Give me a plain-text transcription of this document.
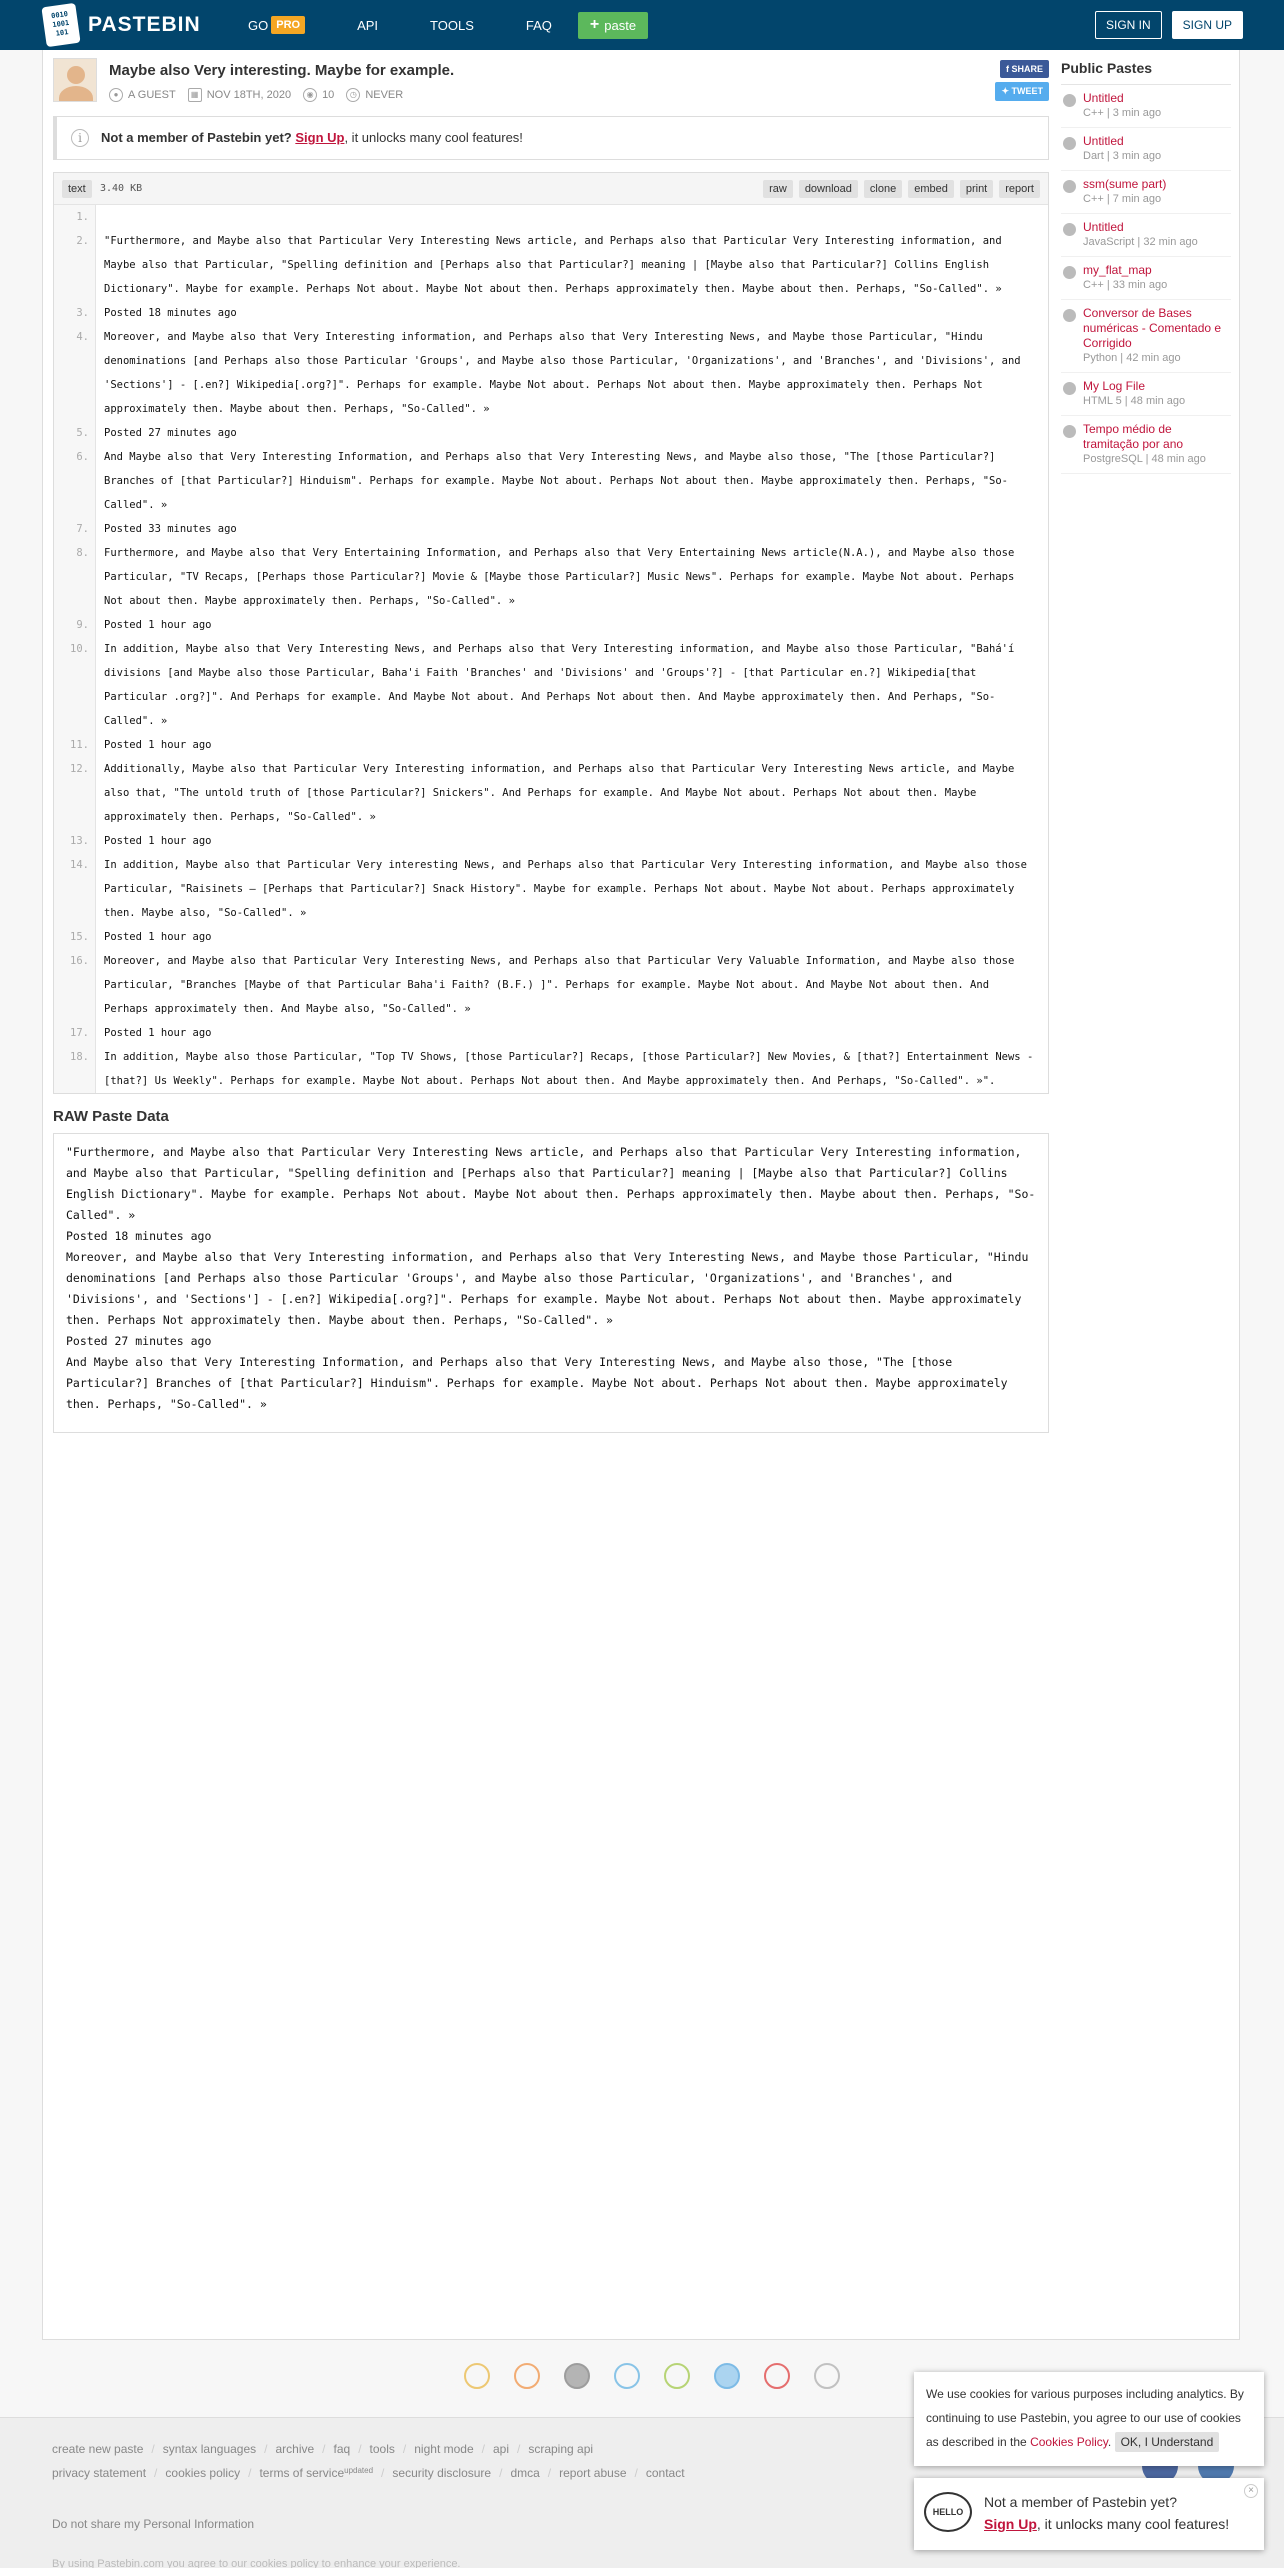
0010
1001
101 PASTEBIN	GO PRO	API	TOOLS	FAQ + paste	SIGN IN	SIGN UP
Maybe also Very interesting. Maybe for example.
● A GUEST	▦ NOV 18TH, 2020	◉ 10	◷ NEVER
f SHARE
✦ TWEET
i	Not a member of Pastebin yet? Sign Up, it unlocks many cool features!
text	3.40 KB	raw	download	clone	embed	print	report
1.
2.	"Furthermore, and Maybe also that Particular Very Interesting News article, and Perhaps also that Particular Very Interesting information, and Maybe also that Particular, "Spelling definition and [Perhaps also that Particular?] meaning | [Maybe also that Particular?] Collins English Dictionary". Maybe for example. Perhaps Not about. Maybe Not about then. Perhaps approximately then. Maybe about then. Perhaps, "So-Called". »
3.	Posted 18 minutes ago
4.	Moreover, and Maybe also that Very Interesting information, and Perhaps also that Very Interesting News, and Maybe those Particular, "Hindu denominations [and Perhaps also those Particular 'Groups', and Maybe also those Particular, 'Organizations', and 'Branches', and 'Divisions', and 'Sections'] - [.en?] Wikipedia[.org?]". Perhaps for example. Maybe Not about. Perhaps Not about then. Maybe approximately then. Perhaps Not approximately then. Maybe about then. Perhaps, "So-Called". »
5.	Posted 27 minutes ago
6.	And Maybe also that Very Interesting Information, and Perhaps also that Very Interesting News, and Maybe also those, "The [those Particular?] Branches of [that Particular?] Hinduism". Perhaps for example. Maybe Not about. Perhaps Not about then. Maybe approximately then. Perhaps, "So-Called". »
7.	Posted 33 minutes ago
8.	Furthermore, and Maybe also that Very Entertaining Information, and Perhaps also that Very Entertaining News article(N.A.), and Maybe also those Particular, "TV Recaps, [Perhaps those Particular?] Movie & [Maybe those Particular?] Music News". Perhaps for example. Maybe Not about. Perhaps Not about then. Maybe approximately then. Perhaps, "So-Called". »
9.	Posted 1 hour ago
10.	In addition, Maybe also that Very Interesting News, and Perhaps also that Very Interesting information, and Maybe also those Particular, "Bahá'í divisions [and Maybe also those Particular, Baha'i Faith 'Branches' and 'Divisions' and 'Groups'?] - [that Particular en.?] Wikipedia[that Particular .org?]". And Perhaps for example. And Maybe Not about. And Perhaps Not about then. And Maybe approximately then. And Perhaps, "So-Called". »
11.	Posted 1 hour ago
12.	Additionally, Maybe also that Particular Very Interesting information, and Perhaps also that Particular Very Interesting News article, and Maybe also that, "The untold truth of [those Particular?] Snickers". And Perhaps for example. And Maybe Not about. Perhaps Not about then. Maybe approximately then. Perhaps, "So-Called". »
13.	Posted 1 hour ago
14.	In addition, Maybe also that Particular Very interesting News, and Perhaps also that Particular Very Interesting information, and Maybe also those Particular, "Raisinets — [Perhaps that Particular?] Snack History". Maybe for example. Perhaps Not about. Maybe Not about. Perhaps approximately then. Maybe also, "So-Called". »
15.	Posted 1 hour ago
16.	Moreover, and Maybe also that Particular Very Interesting News, and Perhaps also that Particular Very Valuable Information, and Maybe also those Particular, "Branches [Maybe of that Particular Baha'i Faith? (B.F.) ]". Perhaps for example. Maybe Not about. And Maybe Not about then. And Perhaps approximately then. And Maybe also, "So-Called". »
17.	Posted 1 hour ago
18.	In addition, Maybe also those Particular, "Top TV Shows, [those Particular?] Recaps, [those Particular?] New Movies, & [that?] Entertainment News - [that?] Us Weekly". Perhaps for example. Maybe Not about. Perhaps Not about then. And Maybe approximately then. And Perhaps, "So-Called". »".
RAW Paste Data
"Furthermore, and Maybe also that Particular Very Interesting News article, and Perhaps also that Particular Very Interesting information, and Maybe also that Particular, "Spelling definition and [Perhaps also that Particular?] meaning | [Maybe also that Particular?] Collins English Dictionary". Maybe for example. Perhaps Not about. Maybe Not about then. Perhaps approximately then. Maybe about then. Perhaps, "So-Called". »
Posted 18 minutes ago
Moreover, and Maybe also that Very Interesting information, and Perhaps also that Very Interesting News, and Maybe those Particular, "Hindu denominations [and Perhaps also those Particular 'Groups', and Maybe also those Particular, 'Organizations', and 'Branches', and 'Divisions', and 'Sections'] - [.en?] Wikipedia[.org?]". Perhaps for example. Maybe Not about. Perhaps Not about then. Maybe approximately then. Perhaps Not approximately then. Maybe about then. Perhaps, "So-Called". »
Posted 27 minutes ago
And Maybe also that Very Interesting Information, and Perhaps also that Very Interesting News, and Maybe also those, "The [those Particular?] Branches of [that Particular?] Hinduism". Perhaps for example. Maybe Not about. Perhaps Not about then. Maybe approximately then. Perhaps, "So-Called". »
Public Pastes
Untitled
C++ | 3 min ago
Untitled
Dart | 3 min ago
ssm(sume part)
C++ | 7 min ago
Untitled
JavaScript | 32 min ago
my_flat_map
C++ | 33 min ago
Conversor de Bases numéricas - Comentado e Corrigido
Python | 42 min ago
My Log File
HTML 5 | 48 min ago
Tempo médio de tramitação por ano
PostgreSQL | 48 min ago
create new paste / syntax languages / archive / faq / tools / night mode / api / scraping api
privacy statement / cookies policy / terms of service updated / security disclosure / dmca / report abuse / contact
Do not share my Personal Information
By using Pastebin.com you agree to our cookies policy to enhance your experience.
We use cookies for various purposes including analytics. By continuing to use Pastebin, you agree to our use of cookies as described in the Cookies Policy. OK, I Understand
HELLO
Not a member of Pastebin yet?
Sign Up, it unlocks many cool features!
×
